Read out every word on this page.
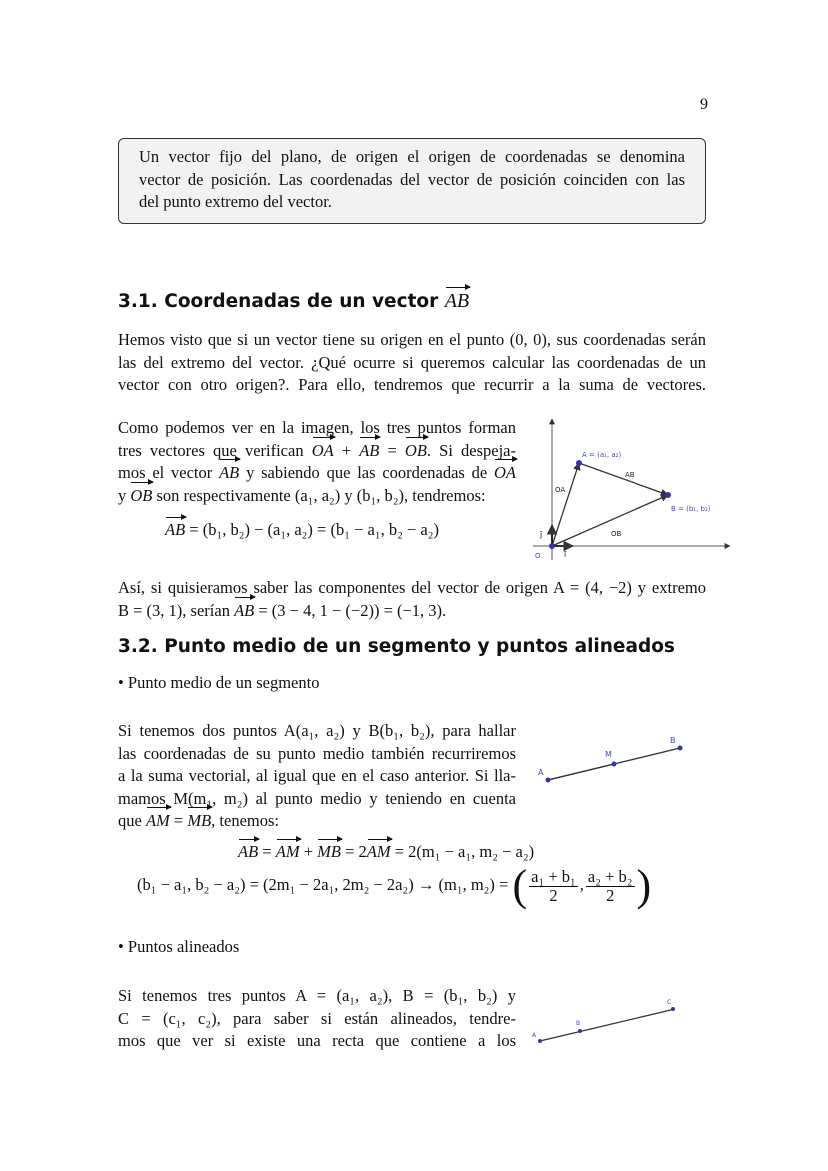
9
Un vector fijo del plano, de origen el origen de coordenadas se denomina
vector de posición. Las coordenadas del vector de posición coinciden con las
del punto extremo del vector.
3.1. Coordenadas de un vector AB
Hemos visto que si un vector tiene su origen en el punto (0, 0), sus coordenadas serán
las del extremo del vector. ¿Qué ocurre si queremos calcular las coordenadas de un
vector con otro origen?. Para ello, tendremos que recurrir a la suma de vectores.
Como podemos ver en la imagen, los tres puntos forman
tres vectores que verifican OA + AB = OB. Si despeja-
mos el vector AB y sabiendo que las coordenadas de OA
y OB son respectivamente (a₁, a₂) y (b₁, b₂), tendremos:
AB = (b₁, b₂) − (a₁, a₂) = (b₁ − a₁, b₂ − a₂)
A = (a₁, a₂)
B = (b₁, b₂)
O
j̄
ī
OA
AB
OB
Así, si quisieramos saber las componentes del vector de origen A = (4, −2) y extremo
B = (3, 1), serían AB = (3 − 4, 1 − (−2)) = (−1, 3).
3.2. Punto medio de un segmento y puntos alineados
• Punto medio de un segmento
Si tenemos dos puntos A(a₁, a₂) y B(b₁, b₂), para hallar
las coordenadas de su punto medio también recurriremos
a la suma vectorial, al igual que en el caso anterior. Si lla-
mamos M(m₁, m₂) al punto medio y teniendo en cuenta
que AM = MB, tenemos:
A
M
B
AB = AM + MB = 2AM = 2(m₁ − a₁, m₂ − a₂)
(b₁ − a₁, b₂ − a₂) = (2m₁ − 2a₁, 2m₂ − 2a₂) → (m₁, m₂) = ( $\frac{\text{a₁ + b₁}}{2}$ , $\frac{\text{a₂ + b₂}}{2}$ )
• Puntos alineados
Si tenemos tres puntos A = (a₁, a₂), B = (b₁, b₂) y
C = (c₁, c₂), para saber si están alineados, tendre-
mos que ver si existe una recta que contiene a los	A
B
C
